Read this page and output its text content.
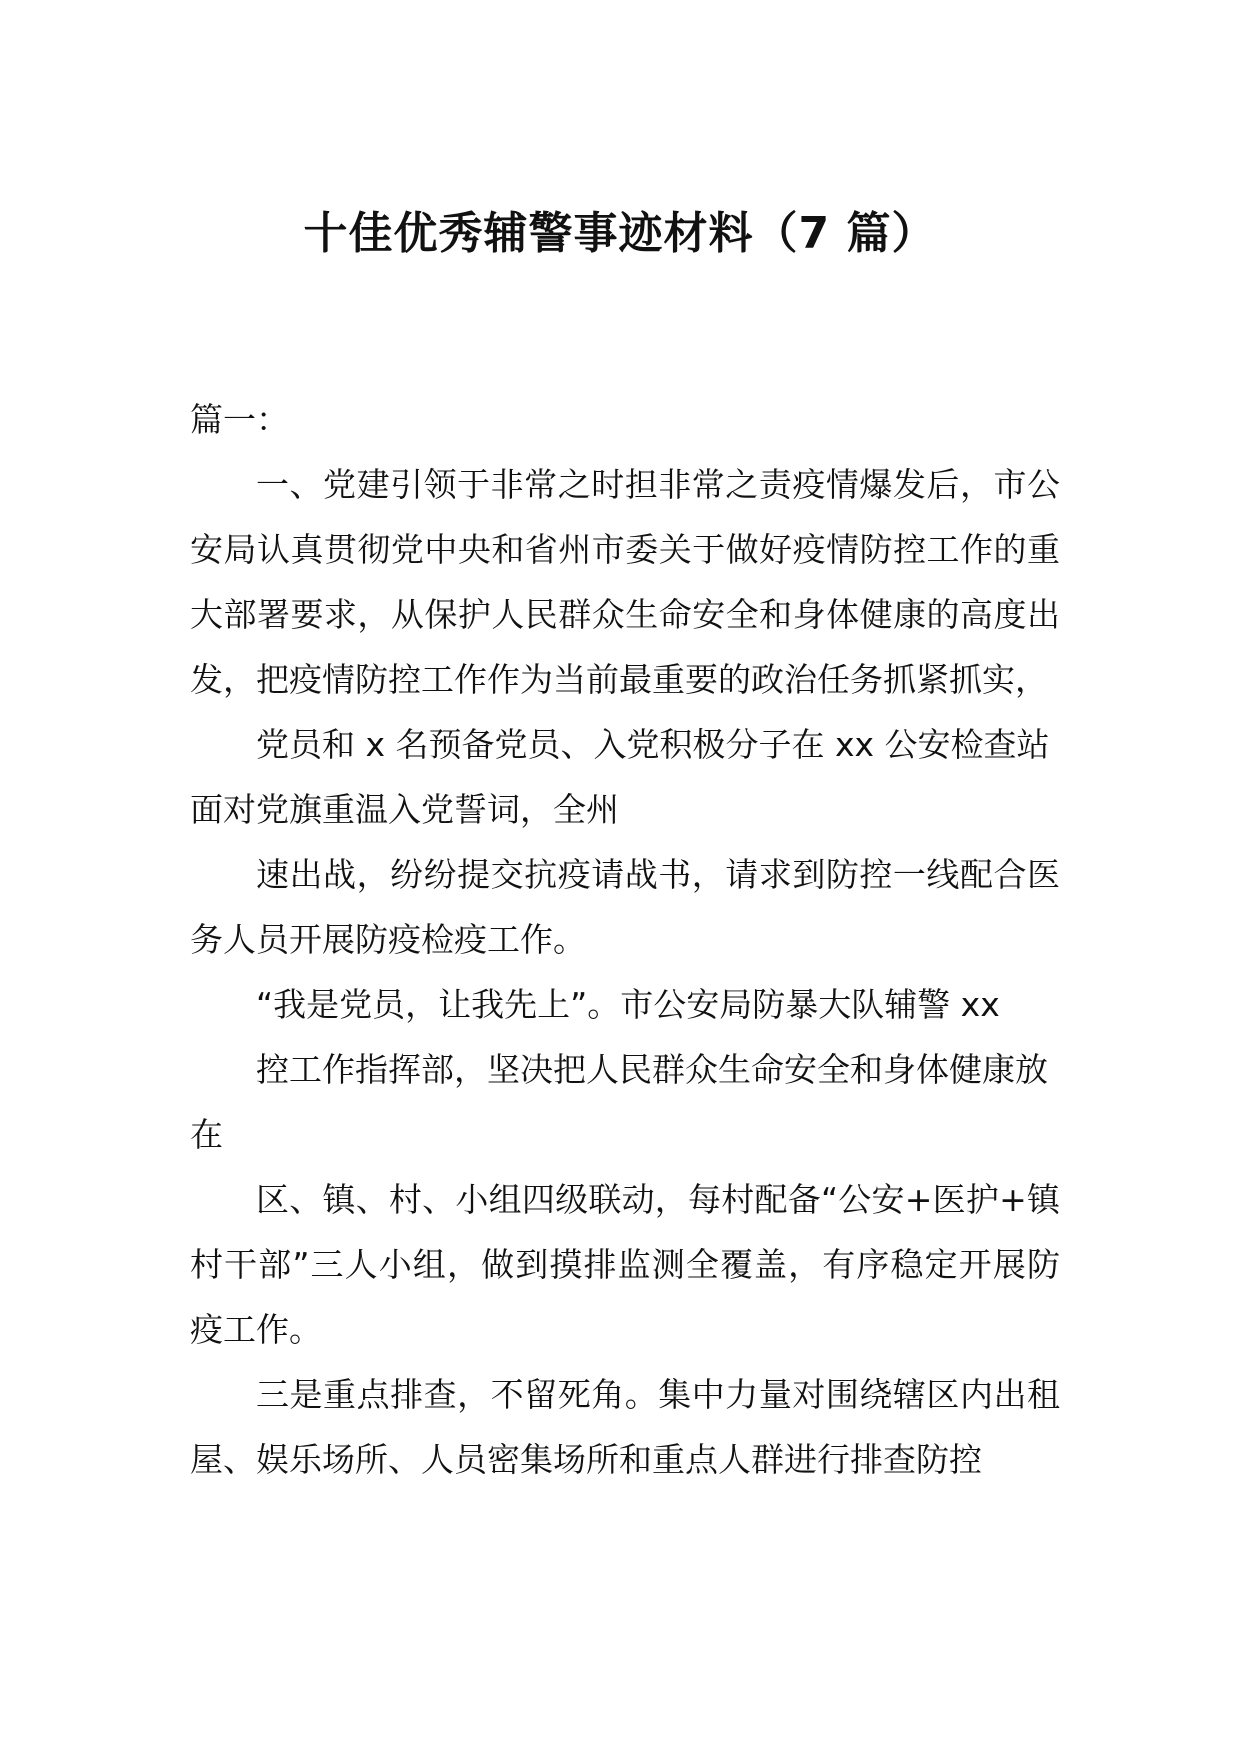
十佳优秀辅警事迹材料（7 篇）

篇一：

一、党建引领于非常之时担非常之责疫情爆发后，市公安局认真贯彻党中央和省州市委关于做好疫情防控工作的重大部署要求，从保护人民群众生命安全和身体健康的高度出发，把疫情防控工作作为当前最重要的政治任务抓紧抓实，

党员和 x 名预备党员、入党积极分子在 xx 公安检查站面对党旗重温入党誓词，全州

速出战，纷纷提交抗疫请战书，请求到防控一线配合医务人员开展防疫检疫工作。

“我是党员，让我先上”。市公安局防暴大队辅警 xx

控工作指挥部，坚决把人民群众生命安全和身体健康放在

区、镇、村、小组四级联动，每村配备“公安+医护+镇村干部”三人小组，做到摸排监测全覆盖，有序稳定开展防疫工作。

三是重点排查，不留死角。集中力量对围绕辖区内出租屋、娱乐场所、人员密集场所和重点人群进行排查防控
